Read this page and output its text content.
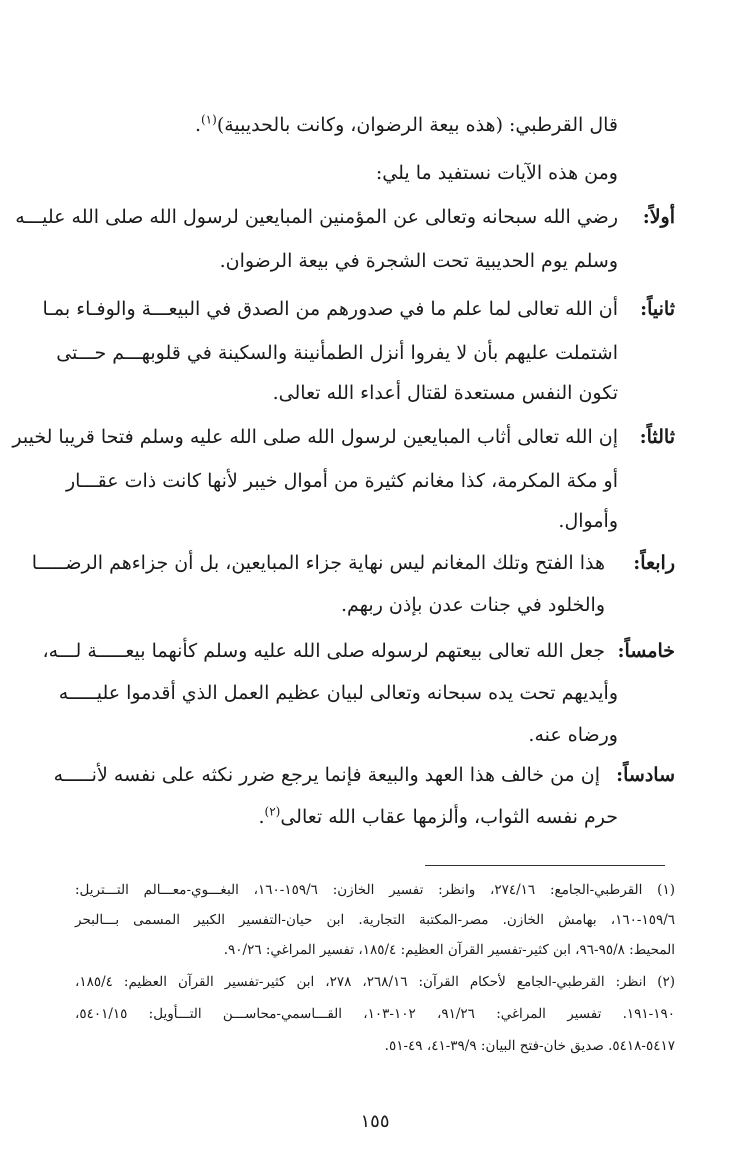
قال القرطبي: (هذه بيعة الرضوان، وكانت بالحديبية)$^{(١)}$.
ومن هذه الآيات نستفيد ما يلي:
أولاً:
رضي الله سبحانه وتعالى عن المؤمنين المبايعين لرسول الله صلى الله عليـــه
وسلم يوم الحديبية تحت الشجرة في بيعة الرضوان.
ثانياً:
أن الله تعالى لما علم ما في صدورهم من الصدق في البيعـــة والوفـاء بمـا
اشتملت عليهم بأن لا يفروا أنزل الطمأنينة والسكينة في قلوبهـــم حـــتى
تكون النفس مستعدة لقتال أعداء الله تعالى.
ثالثاً:
إن الله تعالى أثاب المبايعين لرسول الله صلى الله عليه وسلم فتحا قريبا لخيبر
أو مكة المكرمة، كذا مغانم كثيرة من أموال خيبر لأنها كانت ذات عقـــار
وأموال.
رابعاً:
هذا الفتح وتلك المغانم ليس نهاية جزاء المبايعين، بل أن جزاءهم الرضـــــا
والخلود في جنات عدن بإذن ربهم.
خامساً:
جعل الله تعالى بيعتهم لرسوله صلى الله عليه وسلم كأنهما بيعـــــة لـــه،
وأيديهم تحت يده سبحانه وتعالى لبيان عظيم العمل الذي أقدموا عليـــــه
ورضاه عنه.
سادساً:
إن من خالف هذا العهد والبيعة فإنما يرجع ضرر نكثه على نفسه لأنـــــه
حرم نفسه الثواب، وألزمها عقاب الله تعالى$^{(٢)}$.
(١) القرطبي-الجامع: ٢٧٤/١٦، وانظر: تفسير الخازن: ١٥٩/٦-١٦٠، البغـــوي-معـــالم التـــتريل:
١٥٩/٦-١٦٠، بهامش الخازن. مصر-المكتبة التجارية. ابن حيان-التفسير الكبير المسمى بـــالبحر
المحيط: ٩٥/٨-٩٦، ابن كثير-تفسير القرآن العظيم: ١٨٥/٤، تفسير المراغي: ٩٠/٢٦.
(٢) انظر: القرطبي-الجامع لأحكام القرآن: ٢٦٨/١٦، ٢٧٨، ابن كثير-تفسير القرآن العظيم: ١٨٥/٤،
١٩٠-١٩١. تفسير المراغي: ٩١/٢٦، ١٠٢-١٠٣، القـــاسمي-محاســـن التـــأويل: ٥٤٠١/١٥،
٥٤١٧-٥٤١٨. صديق خان-فتح البيان: ٣٩/٩-٤١، ٤٩-٥١.
١٥٥
